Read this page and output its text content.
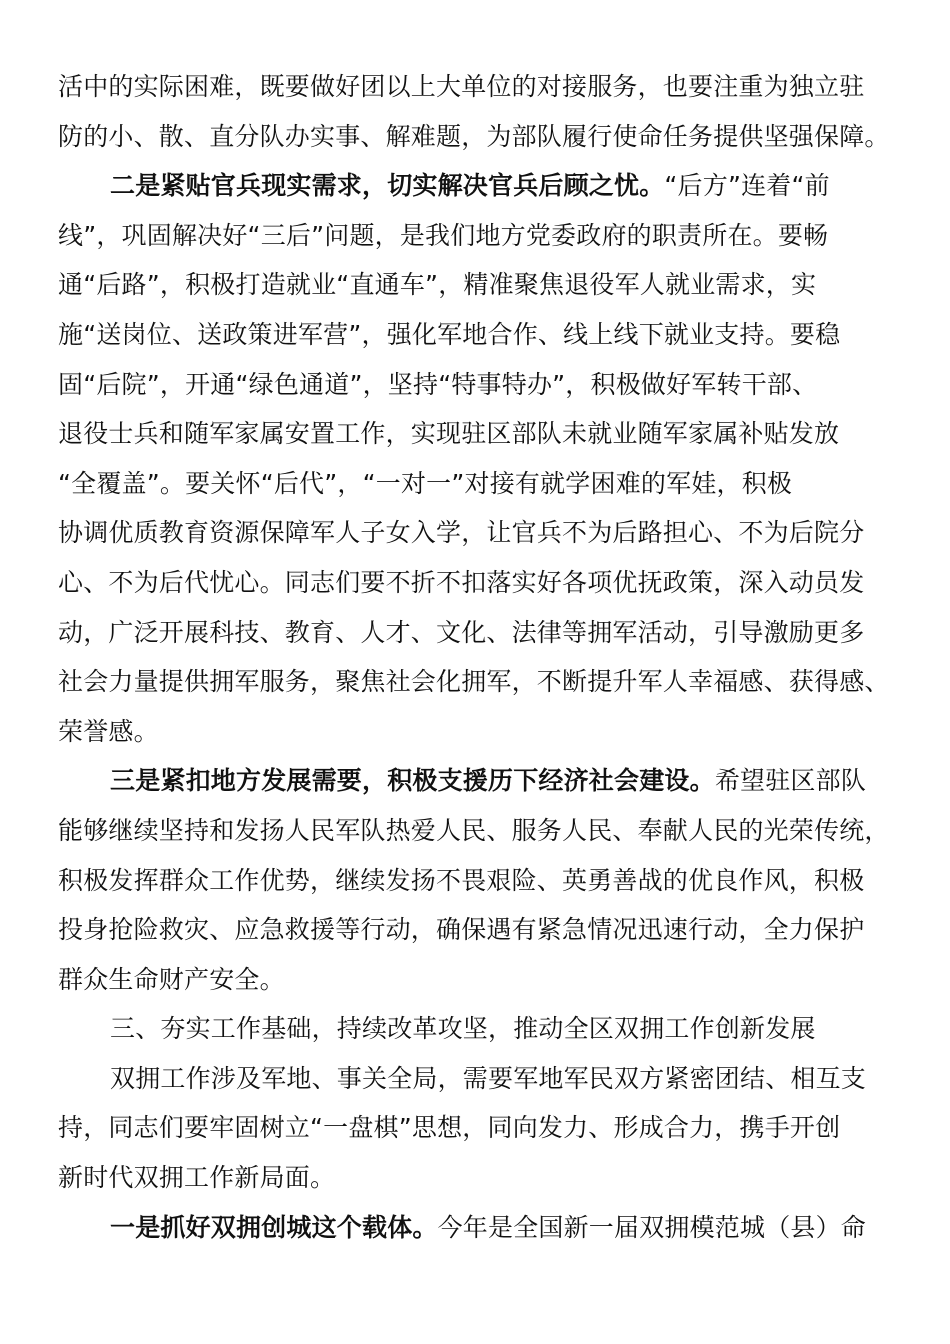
活中的实际困难，既要做好团以上大单位的对接服务，也要注重为独立驻
防的小、散、直分队办实事、解难题，为部队履行使命任务提供坚强保障。
二是紧贴官兵现实需求，切实解决官兵后顾之忧。“后方”连着“前
线”，巩固解决好“三后”问题，是我们地方党委政府的职责所在。要畅
通“后路”，积极打造就业“直通车”，精准聚焦退役军人就业需求，实
施“送岗位、送政策进军营”，强化军地合作、线上线下就业支持。要稳
固“后院”，开通“绿色通道”，坚持“特事特办”，积极做好军转干部、
退役士兵和随军家属安置工作，实现驻区部队未就业随军家属补贴发放
“全覆盖”。要关怀“后代”，“一对一”对接有就学困难的军娃，积极
协调优质教育资源保障军人子女入学，让官兵不为后路担心、不为后院分
心、不为后代忧心。同志们要不折不扣落实好各项优抚政策，深入动员发
动，广泛开展科技、教育、人才、文化、法律等拥军活动，引导激励更多
社会力量提供拥军服务，聚焦社会化拥军，不断提升军人幸福感、获得感、
荣誉感。
三是紧扣地方发展需要，积极支援历下经济社会建设。希望驻区部队
能够继续坚持和发扬人民军队热爱人民、服务人民、奉献人民的光荣传统，
积极发挥群众工作优势，继续发扬不畏艰险、英勇善战的优良作风，积极
投身抢险救灾、应急救援等行动，确保遇有紧急情况迅速行动，全力保护
群众生命财产安全。
三、夯实工作基础，持续改革攻坚，推动全区双拥工作创新发展
双拥工作涉及军地、事关全局，需要军地军民双方紧密团结、相互支
持，同志们要牢固树立“一盘棋”思想，同向发力、形成合力，携手开创
新时代双拥工作新局面。
一是抓好双拥创城这个载体。今年是全国新一届双拥模范城（县）命
